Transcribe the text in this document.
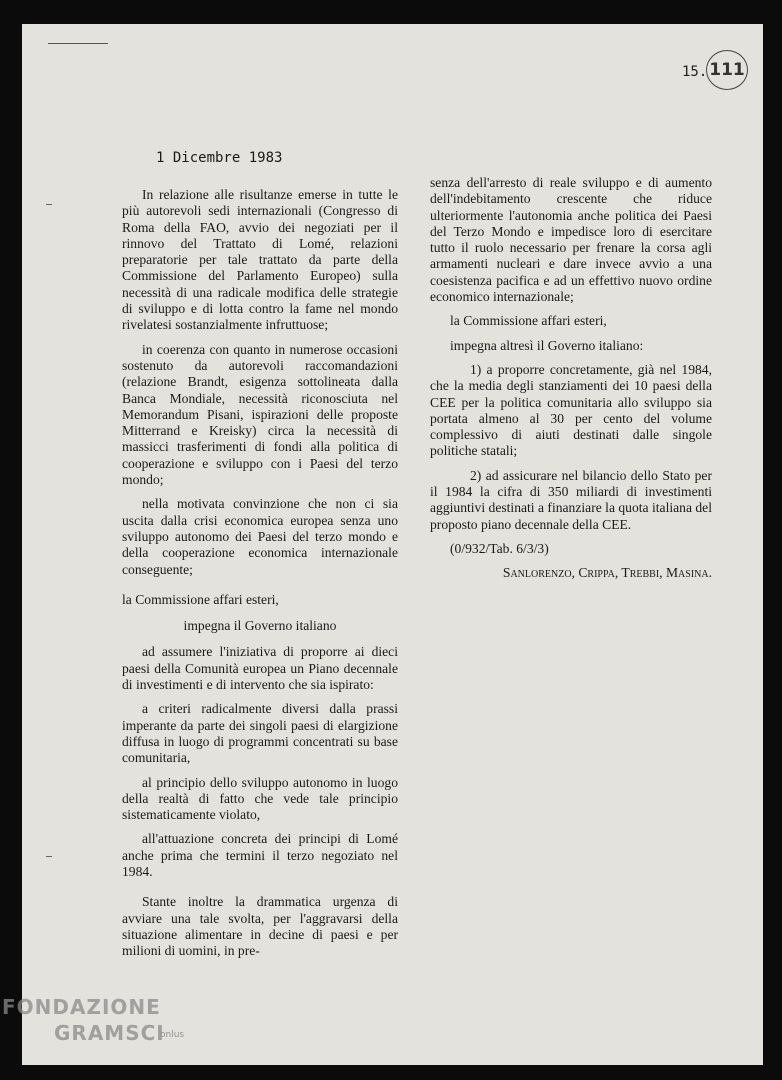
15. 111
1 Dicembre 1983

In relazione alle risultanze emerse in tutte le più autorevoli sedi internazionali (Congresso di Roma della FAO, avvio dei negoziati per il rinnovo del Trattato di Lomé, relazioni preparatorie per tale trattato da parte della Commissione del Parlamento Europeo) sulla necessità di una radicale modifica delle strategie di sviluppo e di lotta contro la fame nel mondo rivelatesi sostanzialmente infruttuose;

in coerenza con quanto in numerose occasioni sostenuto da autorevoli raccomandazioni (relazione Brandt, esigenza sottolineata dalla Banca Mondiale, necessità riconosciuta nel Memorandum Pisani, ispirazioni delle proposte Mitterrand e Kreisky) circa la necessità di massicci trasferimenti di fondi alla politica di cooperazione e sviluppo con i Paesi del terzo mondo;

nella motivata convinzione che non ci sia uscita dalla crisi economica europea senza uno sviluppo autonomo dei Paesi del terzo mondo e della cooperazione economica internazionale conseguente;

la Commissione affari esteri,

impegna il Governo italiano

ad assumere l'iniziativa di proporre ai dieci paesi della Comunità europea un Piano decennale di investimenti e di intervento che sia ispirato:

a criteri radicalmente diversi dalla prassi imperante da parte dei singoli paesi di elargizione diffusa in luogo di programmi concentrati su base comunitaria,

al principio dello sviluppo autonomo in luogo della realtà di fatto che vede tale principio sistematicamente violato,

all'attuazione concreta dei principi di Lomé anche prima che termini il terzo negoziato nel 1984.

Stante inoltre la drammatica urgenza di avviare una tale svolta, per l'aggravarsi della situazione alimentare in decine di paesi e per milioni di uomini, in pre-

senza dell'arresto di reale sviluppo e di aumento dell'indebitamento crescente che riduce ulteriormente l'autonomia anche politica dei Paesi del Terzo Mondo e impedisce loro di esercitare tutto il ruolo necessario per frenare la corsa agli armamenti nucleari e dare invece avvio a una coesistenza pacifica e ad un effettivo nuovo ordine economico internazionale;

la Commissione affari esteri,

impegna altresì il Governo italiano:

1) a proporre concretamente, già nel 1984, che la media degli stanziamenti dei 10 paesi della CEE per la politica comunitaria allo sviluppo sia portata almeno al 30 per cento del volume complessivo di aiuti destinati dalle singole politiche statali;

2) ad assicurare nel bilancio dello Stato per il 1984 la cifra di 350 miliardi di investimenti aggiuntivi destinati a finanziare la quota italiana del proposto piano decennale della CEE.

(0/932/Tab. 6/3/3)

Sanlorenzo, Crippa, Trebbi, Masina.

FONDAZIONE
GRAMSCI
onlus
